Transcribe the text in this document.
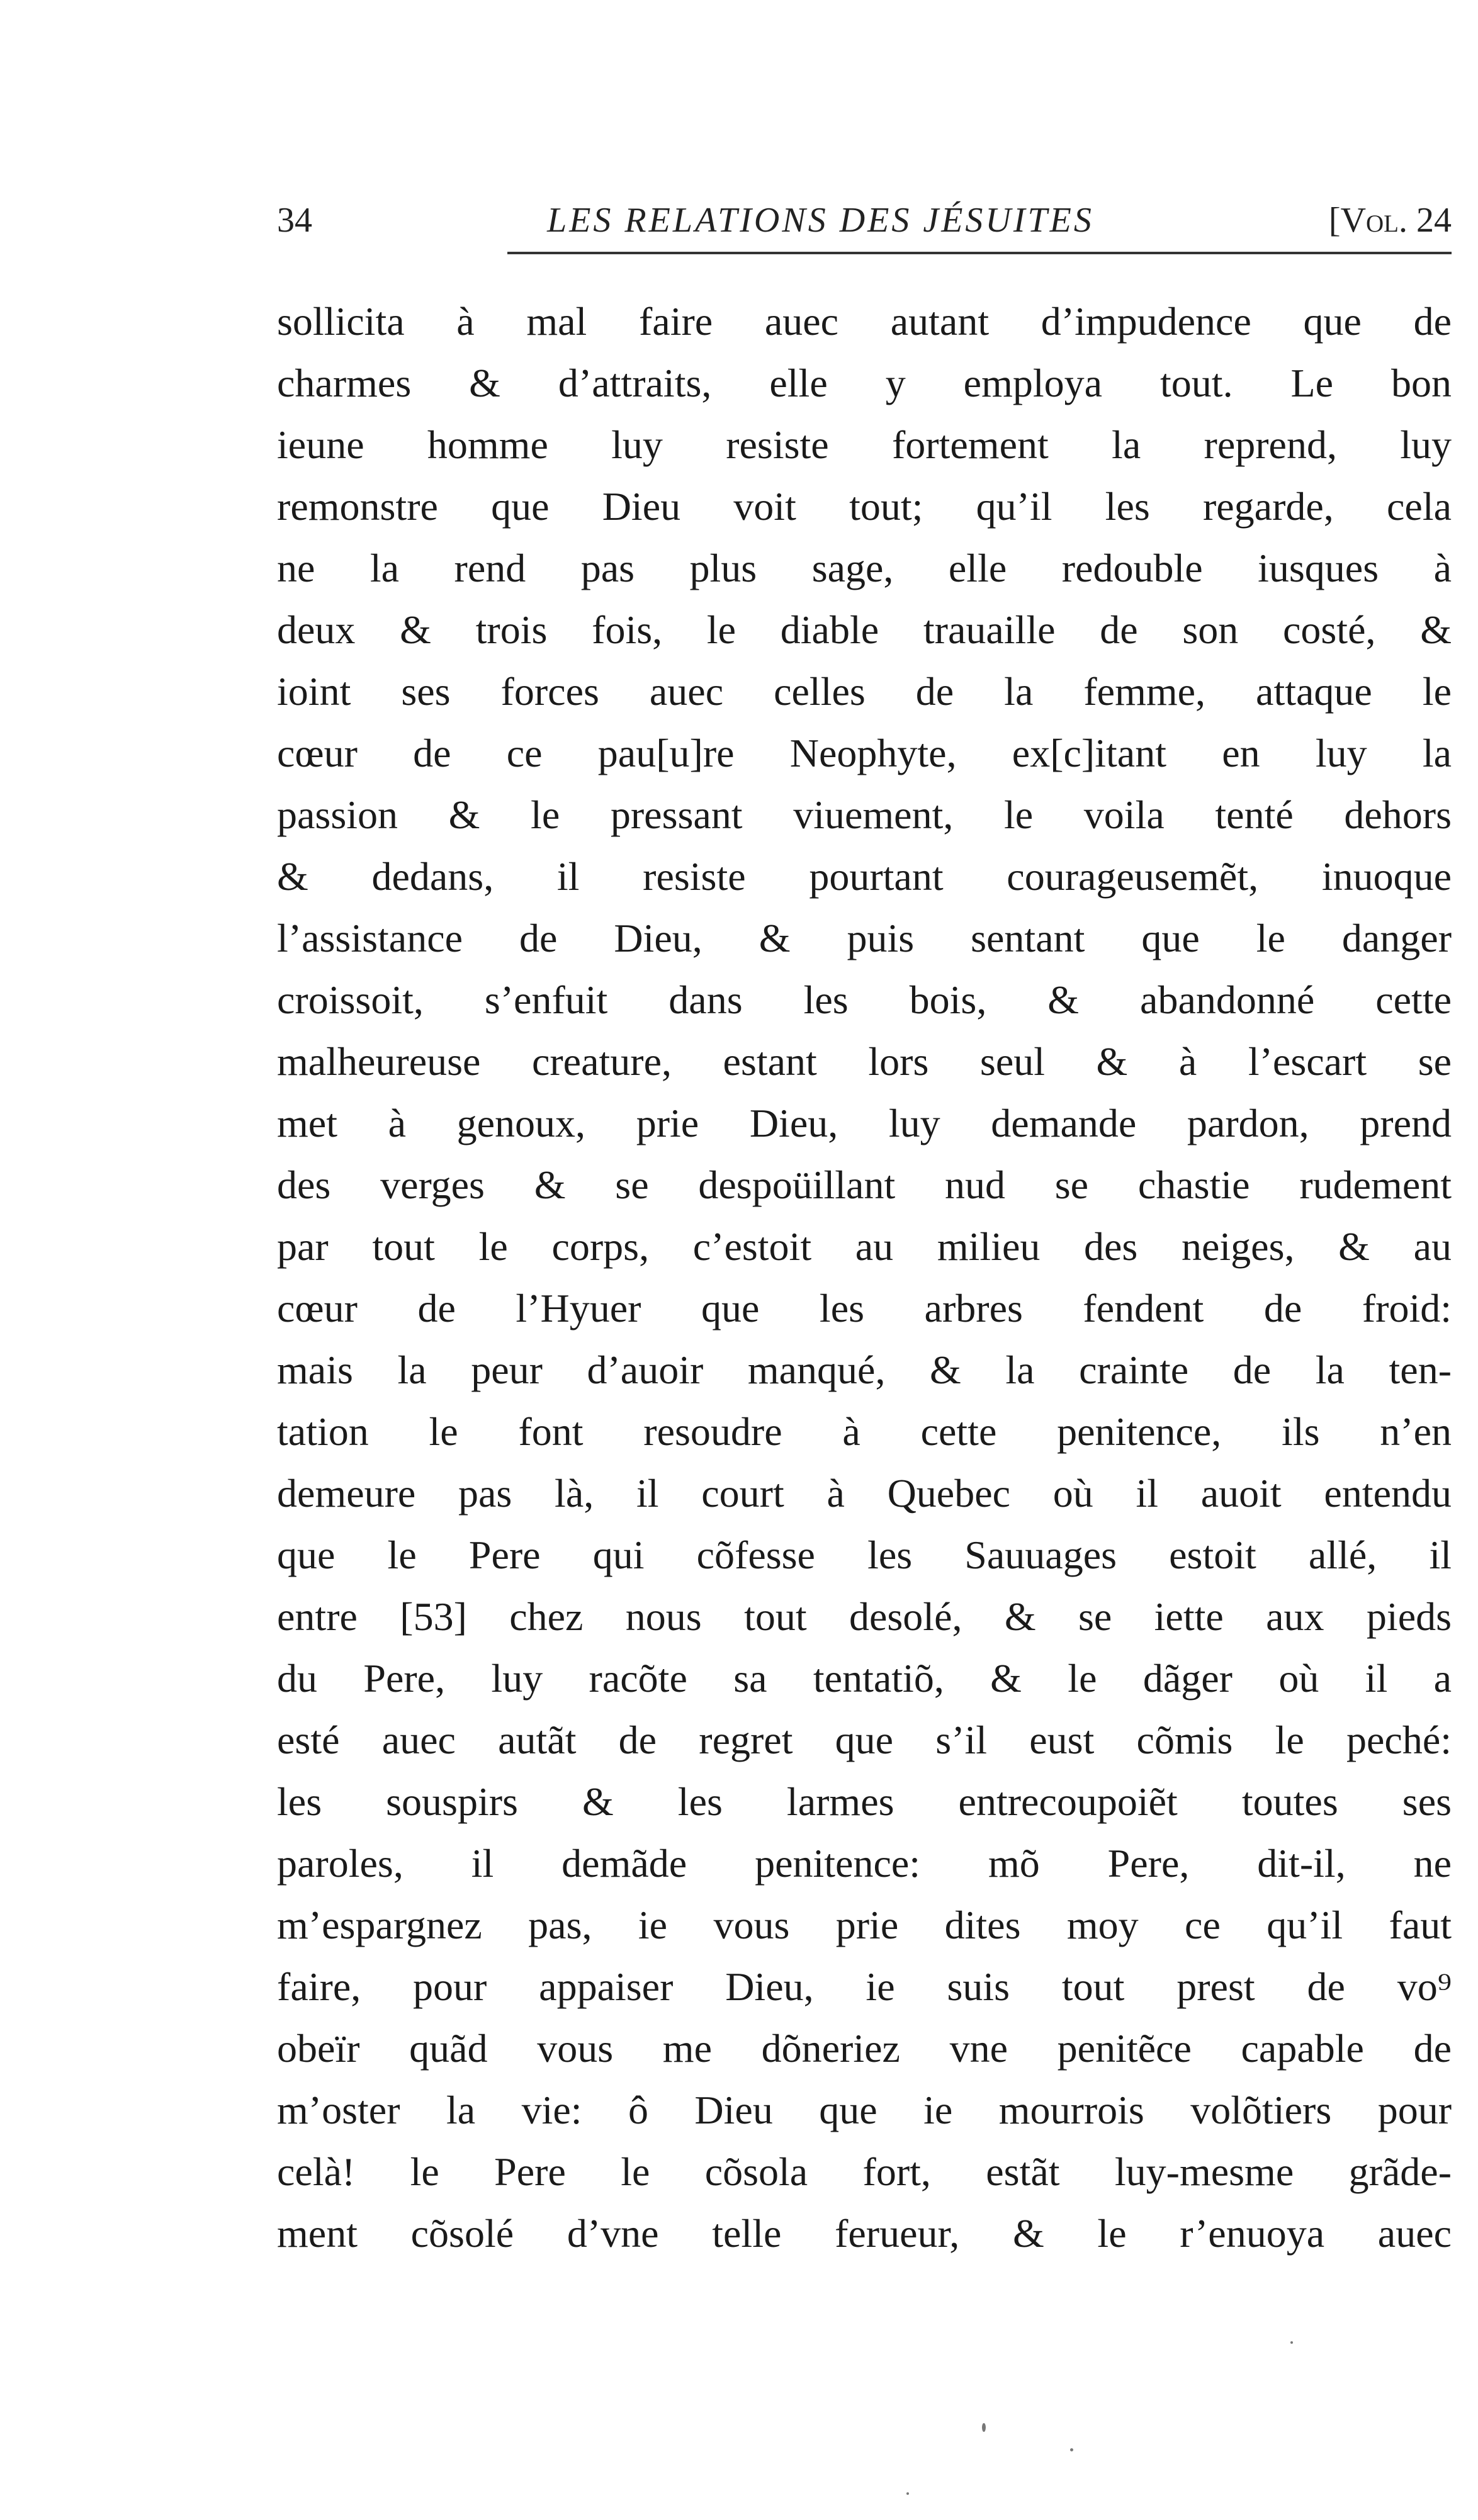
34	LES RELATIONS DES JÉSUITES	[Vol. 24
sollicita à mal faire auec autant d’impudence que de
charmes & d’attraits, elle y employa tout. Le bon
ieune homme luy resiste fortement la reprend, luy
remonstre que Dieu voit tout; qu’il les regarde, cela
ne la rend pas plus sage, elle redouble iusques à
deux & trois fois, le diable trauaille de son costé, &
ioint ses forces auec celles de la femme, attaque le
cœur de ce pau[u]re Neophyte, ex[c]itant en luy la
passion & le pressant viuement, le voila tenté dehors
& dedans, il resiste pourtant courageusemẽt, inuoque
l’assistance de Dieu, & puis sentant que le danger
croissoit, s’enfuit dans les bois, & abandonné cette
malheureuse creature, estant lors seul & à l’escart se
met à genoux, prie Dieu, luy demande pardon, prend
des verges & se despoüillant nud se chastie rudement
par tout le corps, c’estoit au milieu des neiges, & au
cœur de l’Hyuer que les arbres fendent de froid:
mais la peur d’auoir manqué, & la crainte de la ten-
tation le font resoudre à cette penitence, ils n’en
demeure pas là, il court à Quebec où il auoit entendu
que le Pere qui cõfesse les Sauuages estoit allé, il
entre [53] chez nous tout desolé, & se iette aux pieds
du Pere, luy racõte sa tentatiõ, & le dãger où il a
esté auec autãt de regret que s’il eust cõmis le peché:
les souspirs & les larmes entrecoupoiẽt toutes ses
paroles, il demãde penitence: mõ Pere, dit-il, ne
m’espargnez pas, ie vous prie dites moy ce qu’il faut
faire, pour appaiser Dieu, ie suis tout prest de vo⁹
obeïr quãd vous me dõneriez vne penitẽce capable de
m’oster la vie: ô Dieu que ie mourrois volõtiers pour
celà! le Pere le cõsola fort, estãt luy-mesme grãde-
ment cõsolé d’vne telle ferueur, & le r’enuoya auec
